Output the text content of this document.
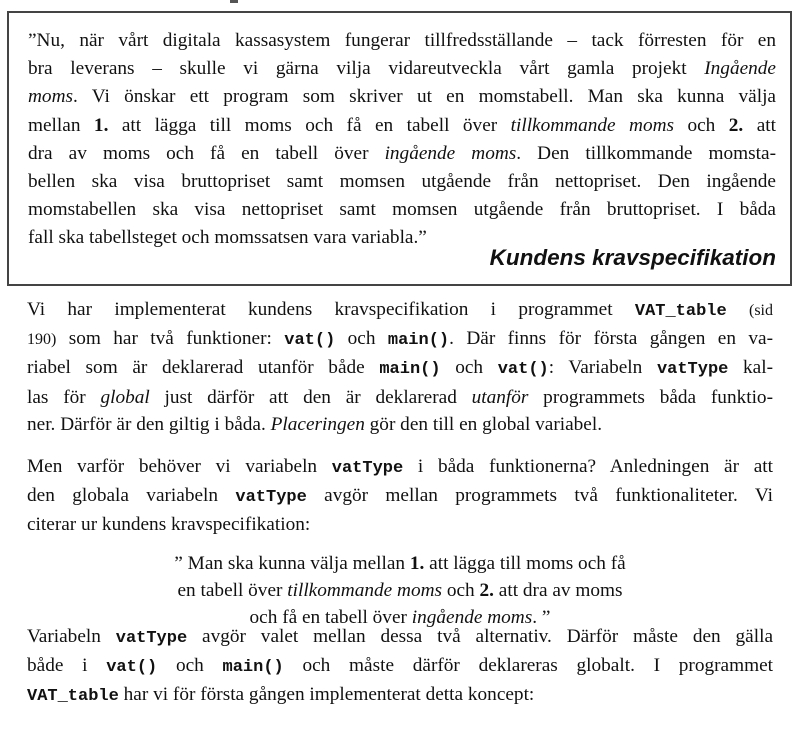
”Nu, när vårt digitala kassasystem fungerar tillfredsställande – tack förresten för en
bra leverans – skulle vi gärna vilja vidareutveckla vårt gamla projekt Ingående
moms. Vi önskar ett program som skriver ut en momstabell. Man ska kunna välja
mellan 1. att lägga till moms och få en tabell över tillkommande moms och 2. att
dra av moms och få en tabell över ingående moms. Den tillkommande momsta-
bellen ska visa bruttopriset samt momsen utgående från nettopriset. Den ingående
momstabellen ska visa nettopriset samt momsen utgående från bruttopriset. I båda
fall ska tabellsteget och momssatsen vara variabla.”
Kundens kravspecifikation
Vi har implementerat kundens kravspecifikation i programmet VAT_table (sid
190) som har två funktioner: vat() och main(). Där finns för första gången en va-
riabel som är deklarerad utanför både main() och vat(): Variabeln vatType kal-
las för global just därför att den är deklarerad utanför programmets båda funktio-
ner. Därför är den giltig i båda. Placeringen gör den till en global variabel.
Men varför behöver vi variabeln vatType i båda funktionerna? Anledningen är att
den globala variabeln vatType avgör mellan programmets två funktionaliteter. Vi
citerar ur kundens kravspecifikation:
Variabeln vatType avgör valet mellan dessa två alternativ. Därför måste den gälla
både i vat() och main() och måste därför deklareras globalt. I programmet
VAT_table har vi för första gången implementerat detta koncept:
” Man ska kunna välja mellan 1. att lägga till moms och få
en tabell över tillkommande moms och 2. att dra av moms
och få en tabell över ingående moms. ”
